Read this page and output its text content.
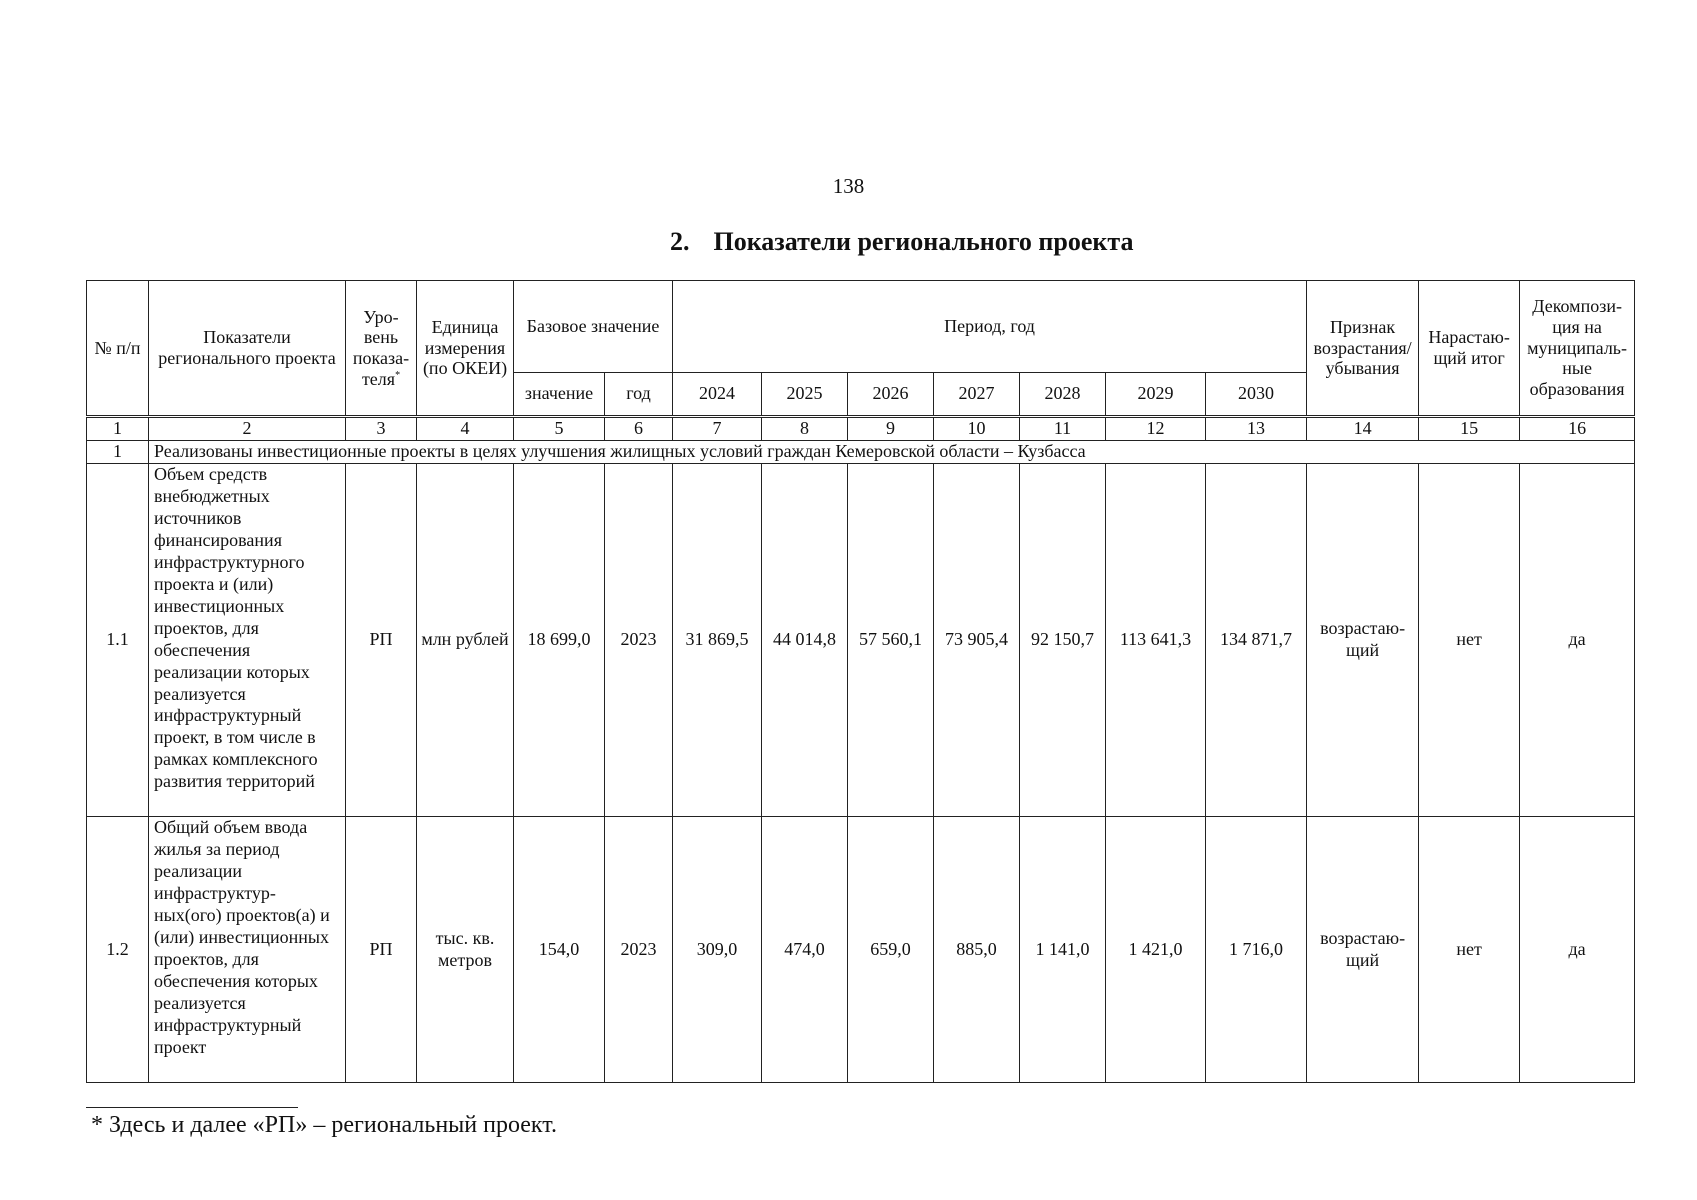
138
2. Показатели регионального проекта
№ п/п	Показатели регионального проекта	Уро-вень показа-теля*	Единица измерения (по ОКЕИ)	Базовое значение		Период, год							Признак возрастания/ убывания	Нарастаю-щий итог	Декомпози-ция на муниципаль-ные образования
				значение	год	2024	2025	2026	2027	2028	2029	2030			
1	2	3	4	5	6	7	8	9	10	11	12	13	14	15	16
1	Реализованы инвестиционные проекты в целях улучшения жилищных условий граждан Кемеровской области – Кузбасса														
1.1	Объем средств внебюджетных источников финансирования инфраструктурного проекта и (или) инвестиционных проектов, для обеспечения реализации которых реализуется инфраструктурный проект, в том числе в рамках комплексного развития территорий	РП	млн рублей	18 699,0	2023	31 869,5	44 014,8	57 560,1	73 905,4	92 150,7	113 641,3	134 871,7	возрастаю-щий	нет	да
1.2	Общий объем ввода жилья за период реализации инфраструктур-ных(ого) проектов(а) и (или) инвестиционных проектов, для обеспечения которых реализуется инфраструктурный проект	РП	тыс. кв. метров	154,0	2023	309,0	474,0	659,0	885,0	1 141,0	1 421,0	1 716,0	возрастаю-щий	нет	да
* Здесь и далее «РП» – региональный проект.
